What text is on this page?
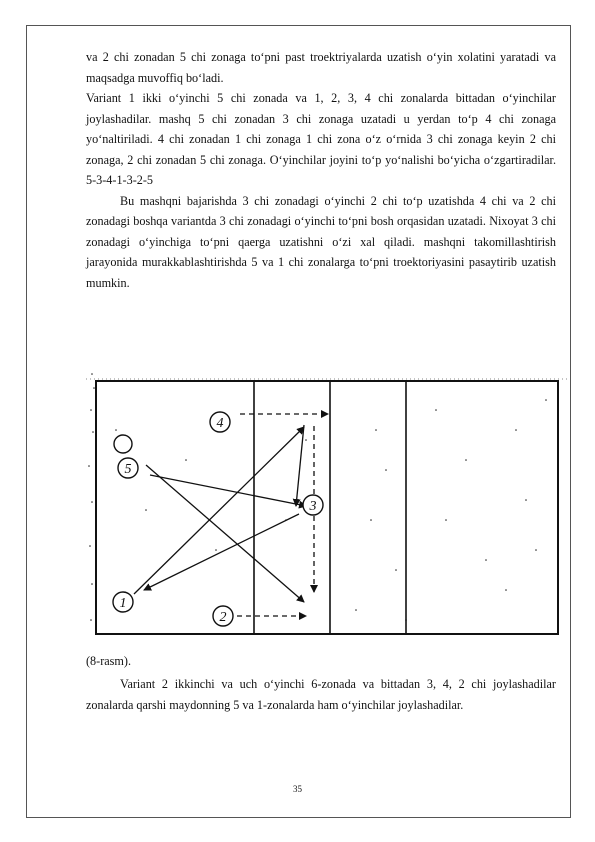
va 2 chi zonadan 5 chi zonaga to‘pni past troektriyalarda uzatish o‘yin xolatini yaratadi va maqsadga muvoffiq bo‘ladi.

Variant 1 ikki o‘yinchi 5 chi zonada va 1, 2, 3, 4 chi zonalarda bittadan o‘yinchilar joylashadilar. mashq 5 chi zonadan 3 chi zonaga uzatadi u yerdan to‘p 4 chi zonaga yo‘naltiriladi. 4 chi zonadan 1 chi zonaga 1 chi zona o‘z o‘rnida 3 chi zonaga keyin 2 chi zonaga, 2 chi zonadan 5 chi zonaga. O‘yinchilar joyini to‘p yo‘nalishi bo‘yicha o‘zgartiradilar. 5-3-4-1-3-2-5

Bu mashqni bajarishda 3 chi zonadagi o‘yinchi 2 chi to‘p uzatishda 4 chi va 2 chi zonadagi boshqa variantda 3 chi zonadagi o‘yinchi to‘pni bosh orqasidan uzatadi. Nixoyat 3 chi zonadagi o‘yinchiga to‘pni qaerga uzatishni o‘zi xal qiladi. mashqni takomillashtirish jarayonida murakkablashtirishda 5 va 1 chi zonalarga to‘pni troektoriyasini pasaytirib uzatish mumkin.

4
5
3
1
2
(8-rasm).

Variant 2 ikkinchi va uch o‘yinchi 6-zonada va bittadan 3, 4, 2 chi joylashadilar zonalarda qarshi maydonning 5 va 1-zonalarda ham o‘yinchilar joylashadilar.

35
